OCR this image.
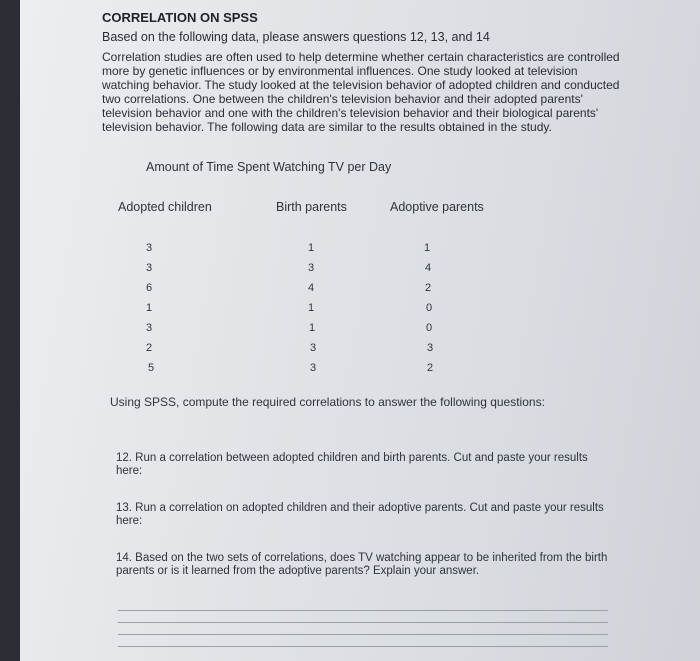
CORRELATION ON SPSS
Based on the following data, please answers questions 12, 13, and 14
Correlation studies are often used to help determine whether certain characteristics are controlled
more by genetic influences or by environmental influences. One study looked at television
watching behavior. The study looked at the television behavior of adopted children and conducted
two correlations. One between the children's television behavior and their adopted parents'
television behavior and one with the children's television behavior and their biological parents'
television behavior. The following data are similar to the results obtained in the study.
Amount of Time Spent Watching TV per Day
Adopted children	Birth parents	Adoptive parents
3
3
6
1
3
2
5
1
3
4
1
1
3
3
1
4
2
0
0
3
2
Using SPSS, compute the required correlations to answer the following questions:
12. Run a correlation between adopted children and birth parents. Cut and paste your results
here:
13. Run a correlation on adopted children and their adoptive parents. Cut and paste your results
here:
14. Based on the two sets of correlations, does TV watching appear to be inherited from the birth
parents or is it learned from the adoptive parents? Explain your answer.
